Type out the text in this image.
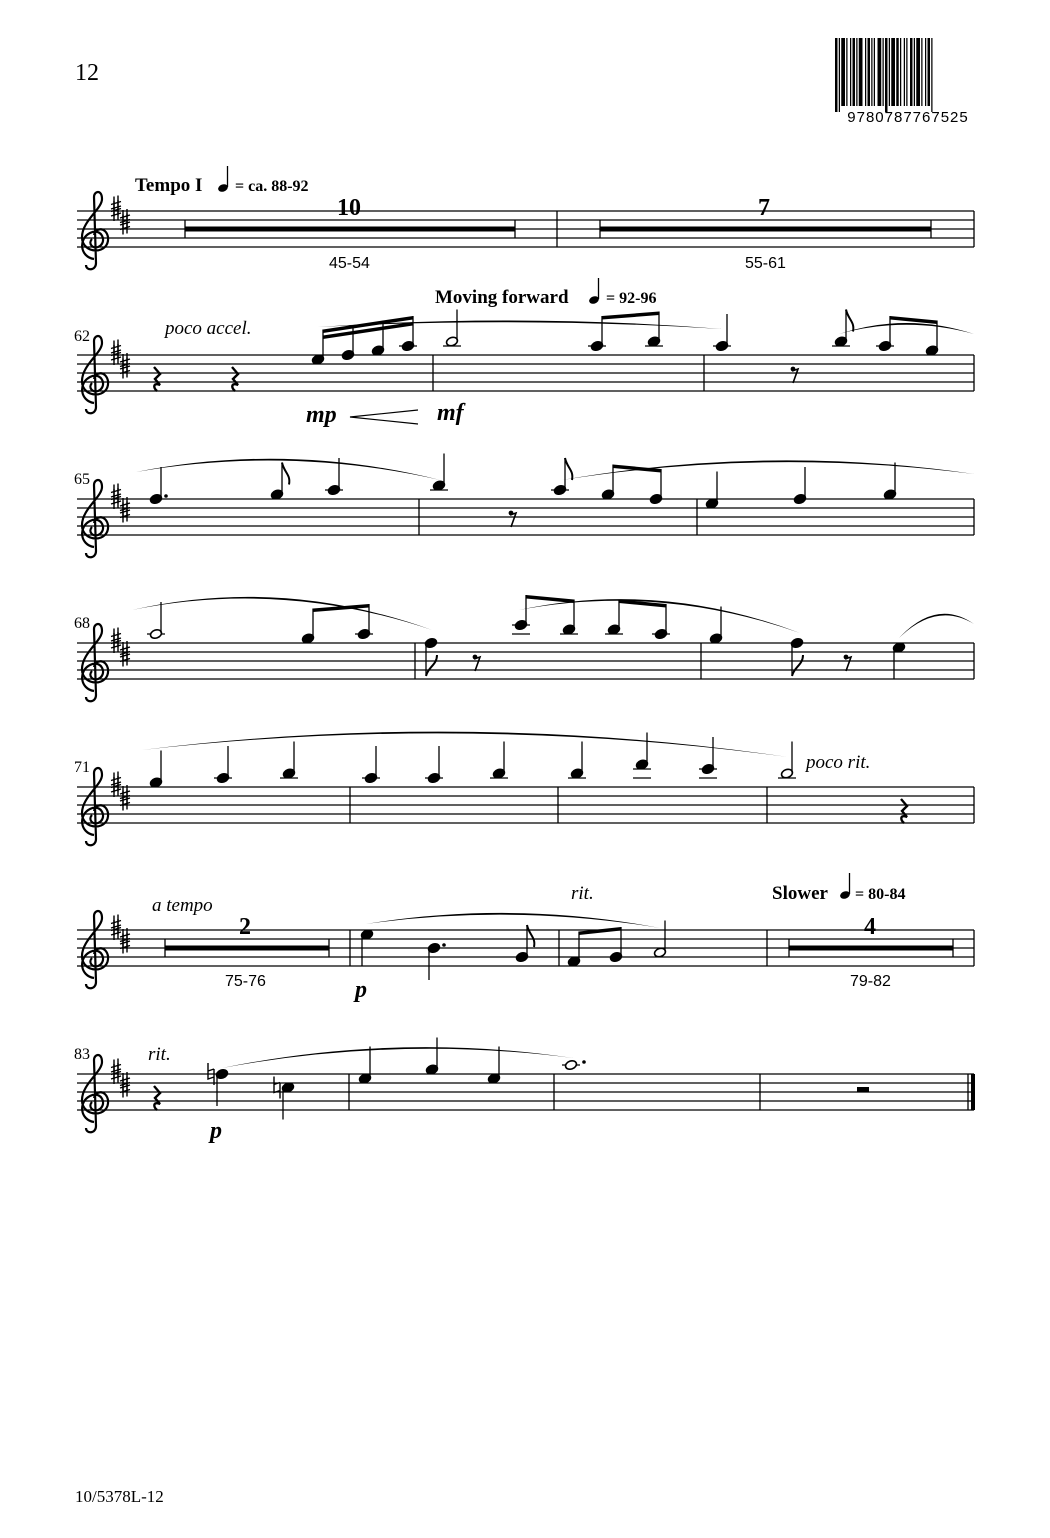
12
10/5378L-12
9780787767525
Tempo I = ca. 88-92
Moving forward = 92-96
Slower = 80-84
poco accel.
poco rit.
a tempo
rit.
rit.
mp	mf
p
p
62
65
68
71
83
10
45-54
7
55-61
2
75-76
4
79-82
